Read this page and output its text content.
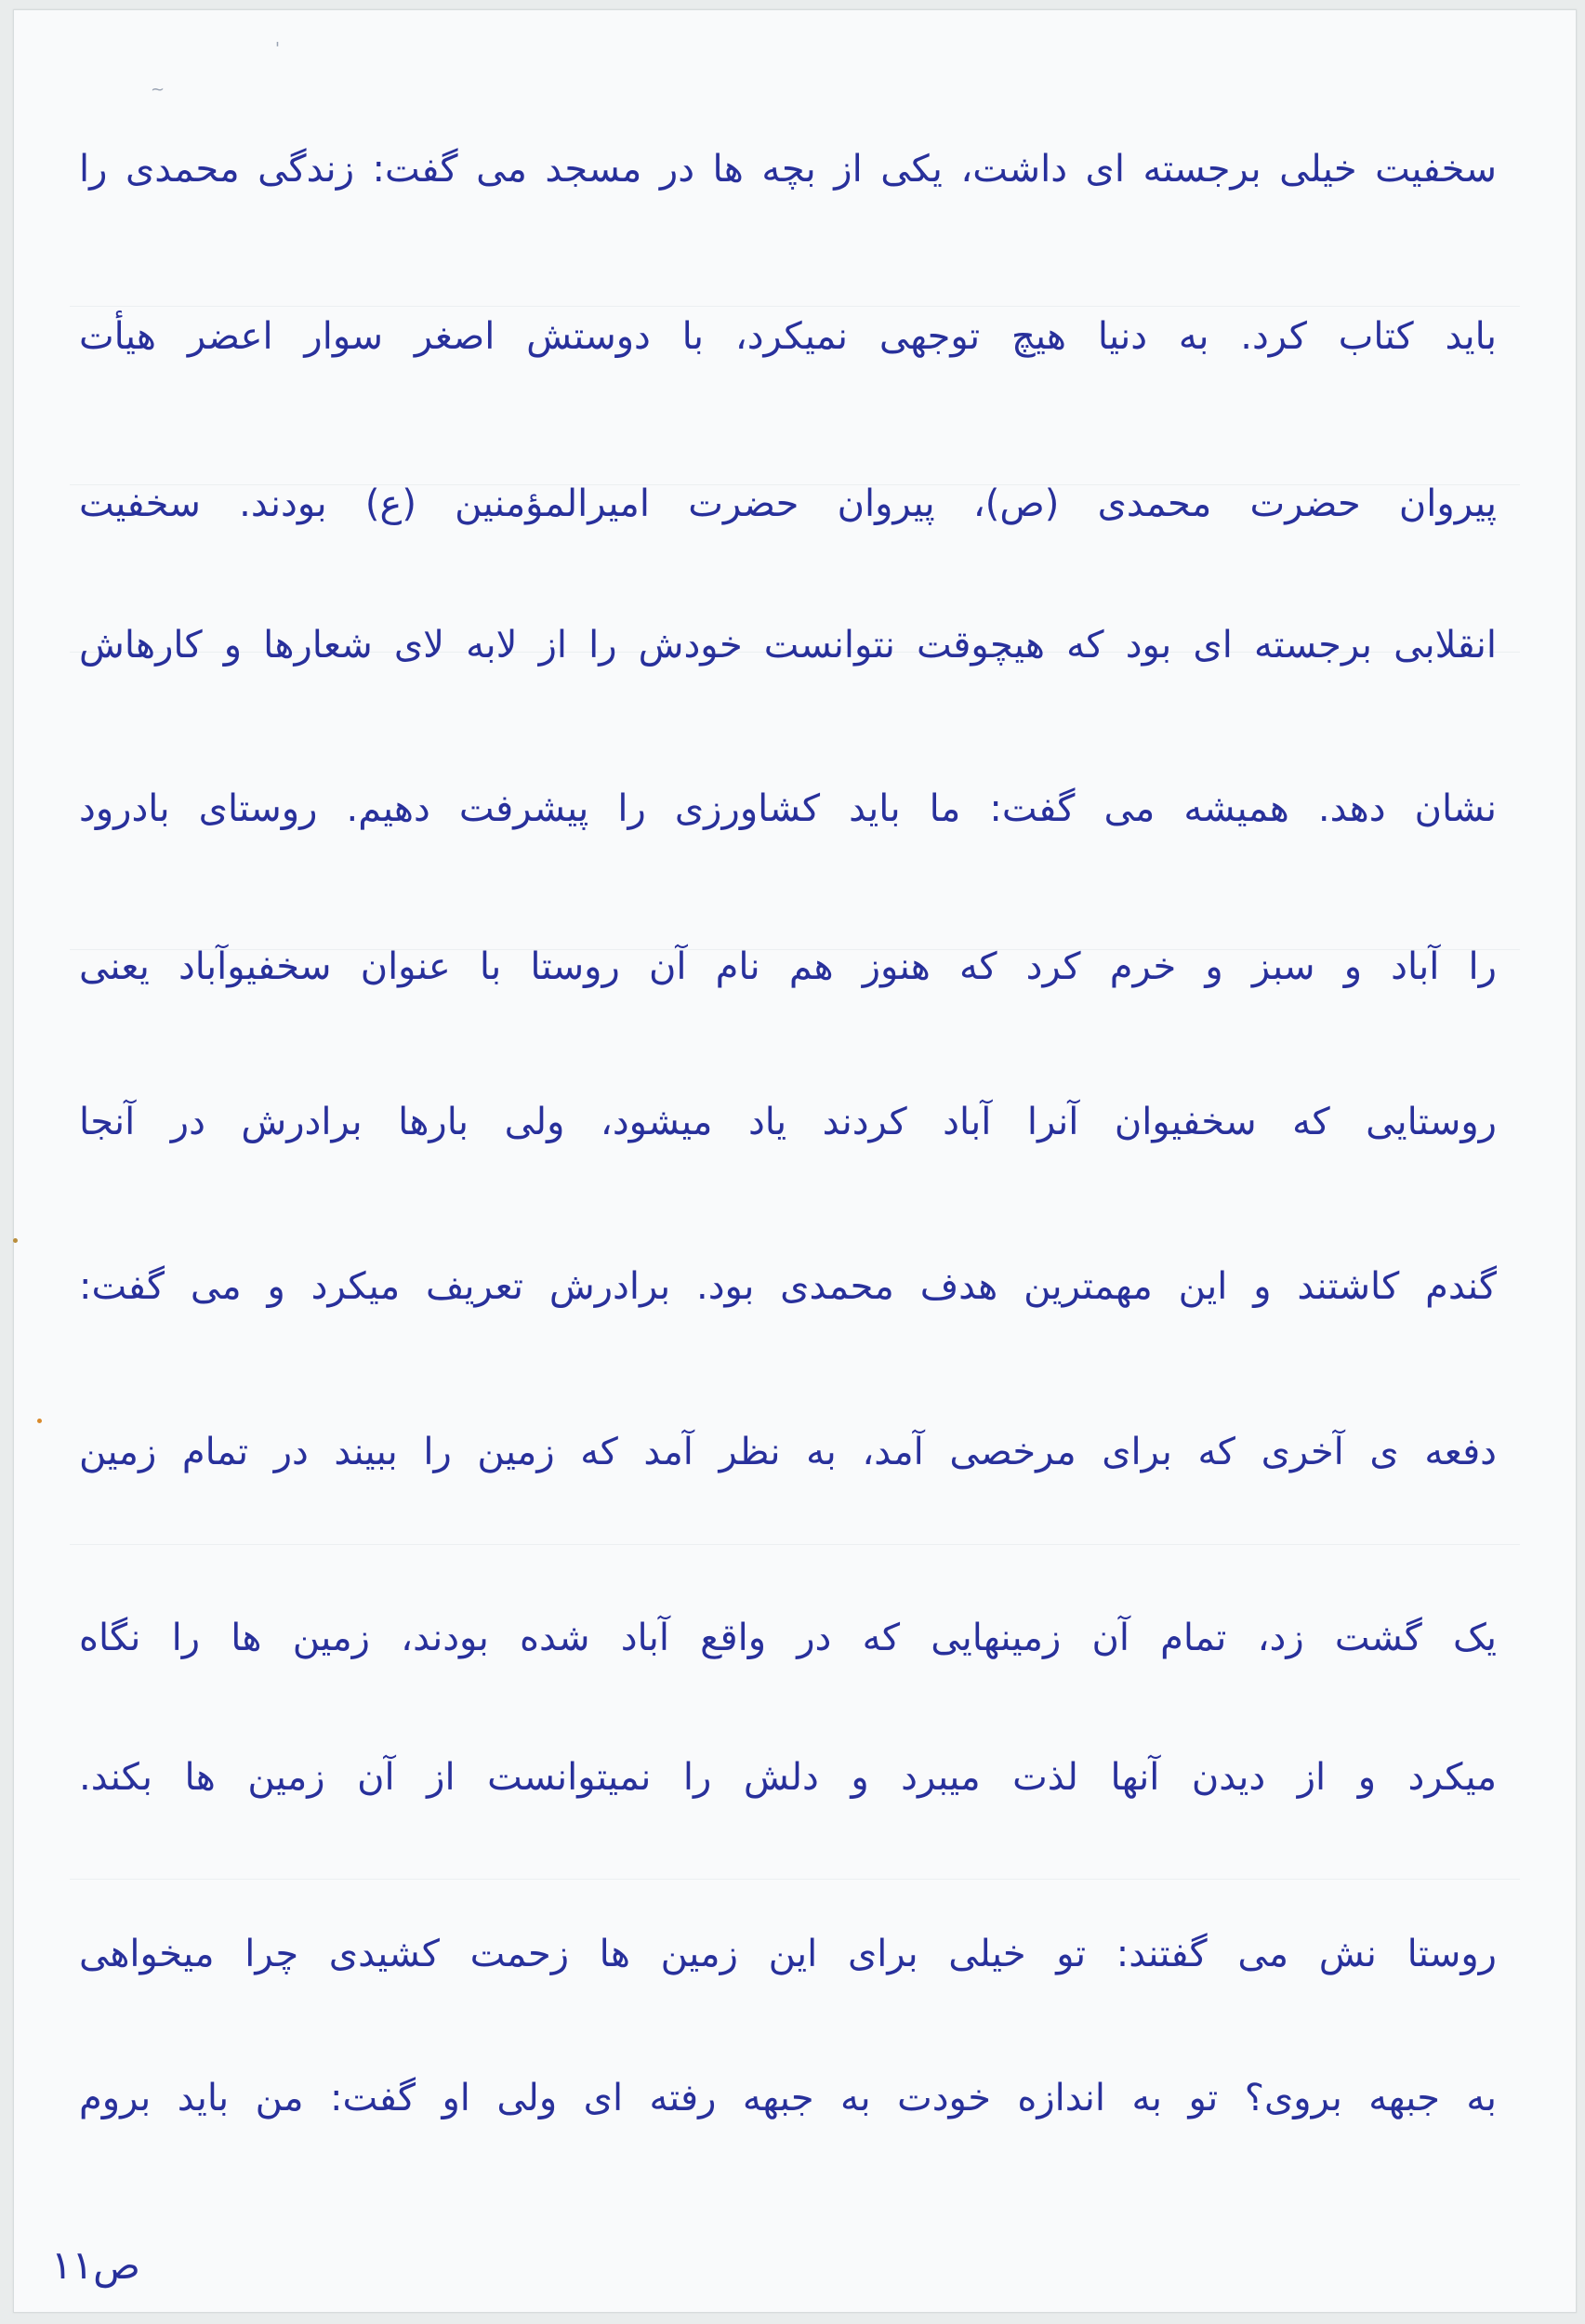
'
~
سخفیت خیلی برجسته ای داشت، یکی از بچه ها در مسجد می گفت: زندگی محمدی را
باید کتاب کرد. به دنیا هیچ توجهی نمیکرد، با دوستش اصغر سوار اعضر هیأت
پیروان حضرت محمدی (ص)، پیروان حضرت امیرالمؤمنین (ع) بودند. سخفیت
انقلابی برجسته ای بود که هیچوقت نتوانست خودش را از لابه لای شعارها و کارهاش
نشان دهد. همیشه می گفت: ما باید کشاورزی را پیشرفت دهیم. روستای بادرود
را آباد و سبز و خرم کرد که هنوز هم نام آن روستا با عنوان سخفیوآباد یعنی
روستایی که سخفیوان آنرا آباد کردند یاد میشود، ولی بارها برادرش در آنجا
گندم کاشتند و این مهمترین هدف محمدی بود. برادرش تعریف میکرد و می گفت:
دفعه ی آخری که برای مرخصی آمد، به نظر آمد که زمین را ببیند در تمام زمین
یک گشت زد، تمام آن زمینهایی که در واقع آباد شده بودند، زمین ها را نگاه
میکرد و از دیدن آنها لذت میبرد و دلش را نمیتوانست از آن زمین ها بکند.
روستا نش می گفتند: تو خیلی برای این زمین ها زحمت کشیدی چرا میخواهی
به جبهه بروی؟ تو به اندازه خودت به جبهه رفته ای ولی او گفت: من باید بروم
ص۱۱
